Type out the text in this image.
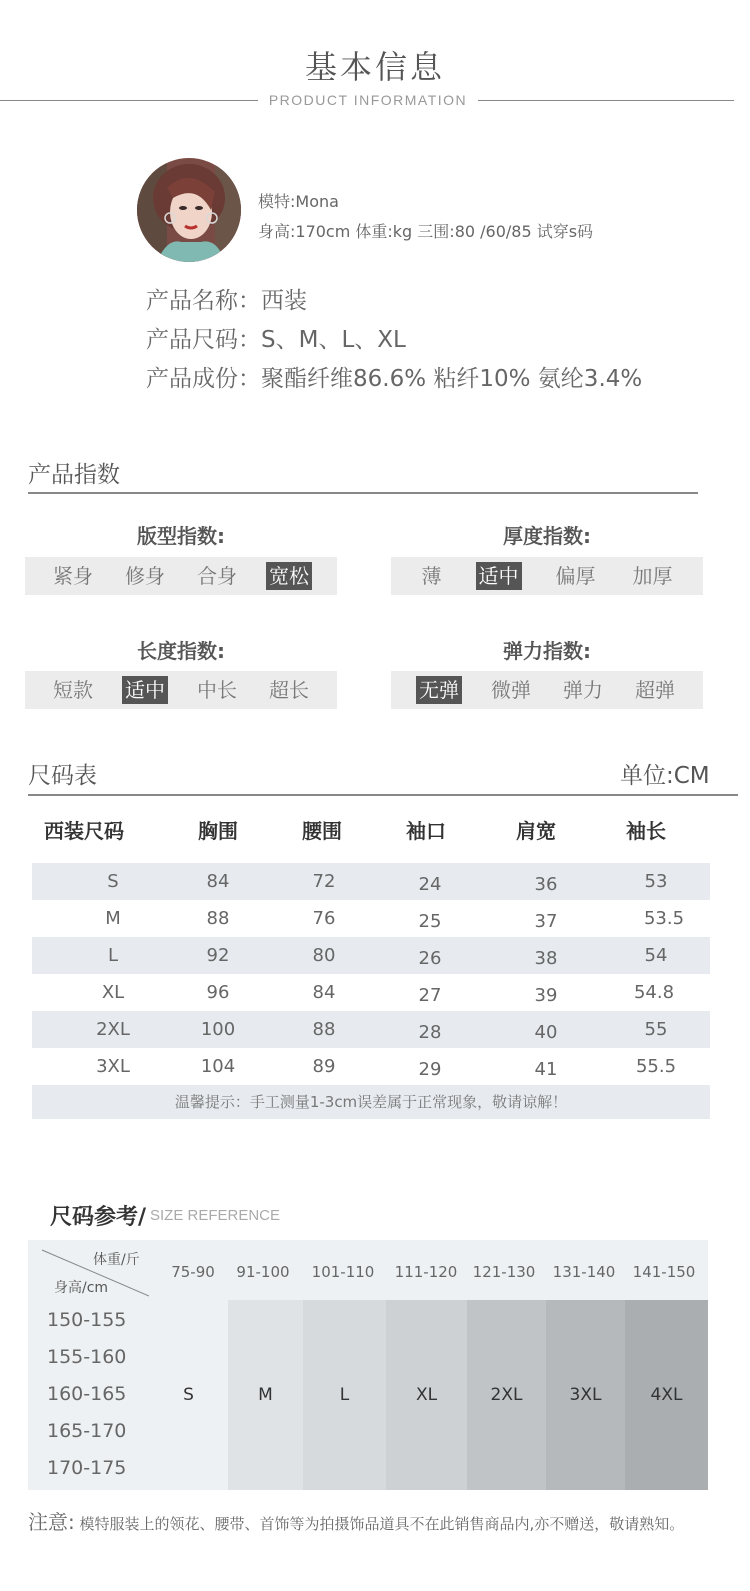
基本信息
PRODUCT INFORMATION
模特:Mona
身高:170cm 体重:kg 三围:80 /60/85 试穿s码
产品名称：西装
产品尺码：S、M、L、XL
产品成份：聚酯纤维86.6% 粘纤10% 氨纶3.4%
产品指数
版型指数:
紧身 修身 合身 宽松
厚度指数:
薄 适中 偏厚 加厚
长度指数:
短款 适中 中长 超长
弹力指数:
无弹 微弹 弹力 超弹
尺码表	单位:CM
西装尺码	胸围	腰围	袖口	肩宽	袖长
S	84	72	24	36	53
M	88	76	25	37	53.5
L	92	80	26	38	54
XL	96	84	27	39	54.8
2XL	100	88	28	40	55
3XL	104	89	29	41	55.5
温馨提示：手工测量1-3cm误差属于正常现象，敬请谅解！
尺码参考/ SIZE REFERENCE
体重/斤
身高/cm
75-90	91-100	101-110	111-120	121-130	131-140	141-150
S	M	L	XL	2XL	3XL	4XL
150-155
155-160
160-165
165-170
170-175
注意: 模特服装上的领花、腰带、首饰等为拍摄饰品道具不在此销售商品内,亦不赠送，敬请熟知。
